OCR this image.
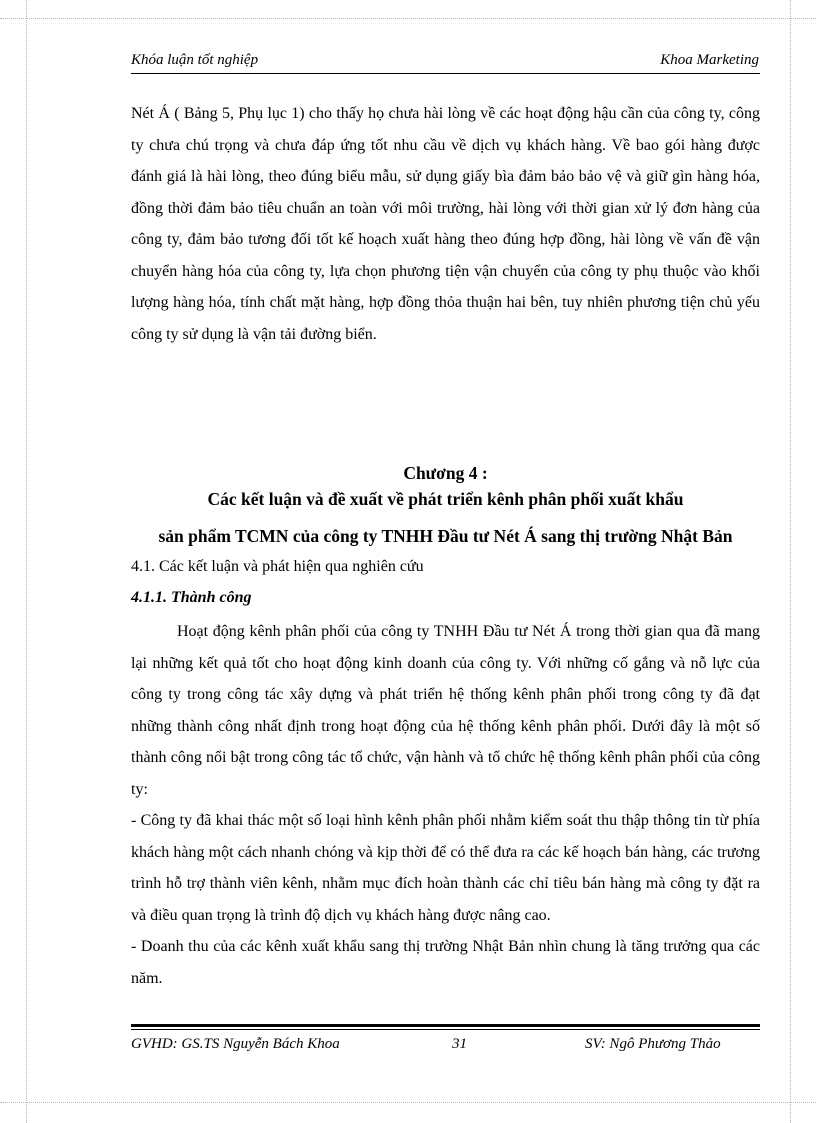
Khóa luận tốt nghiệp	Khoa Marketing

Nét Á ( Bảng 5, Phụ lục 1) cho thấy họ chưa hài lòng về các hoạt động hậu cần của công ty, công ty chưa chú trọng và chưa đáp ứng tốt nhu cầu về dịch vụ khách hàng. Về bao gói hàng được đánh giá là hài lòng, theo đúng biểu mẫu, sử dụng giấy bìa đảm bảo bảo vệ và giữ gìn hàng hóa, đồng thời đảm bảo tiêu chuẩn an toàn với môi trường, hài lòng với thời gian xử lý đơn hàng của công ty, đảm bảo tương đối tốt kế hoạch xuất hàng theo đúng hợp đồng, hài lòng về vấn đề vận chuyển hàng hóa của công ty, lựa chọn phương tiện vận chuyển của công ty phụ thuộc vào khối lượng hàng hóa, tính chất mặt hàng, hợp đồng thỏa thuận hai bên, tuy nhiên phương tiện chủ yếu công ty sử dụng là vận tải đường biển.

Chương 4 :
Các kết luận và đề xuất về phát triển kênh phân phối xuất khẩu
sản phẩm TCMN của công ty TNHH Đầu tư Nét Á sang thị trường Nhật Bản
4.1. Các kết luận và phát hiện qua nghiên cứu
4.1.1. Thành công

Hoạt động kênh phân phối của công ty TNHH Đầu tư Nét Á trong thời gian qua đã mang lại những kết quả tốt cho hoạt động kinh doanh của công ty. Với những cố gắng và nỗ lực của công ty trong công tác xây dựng và phát triển hệ thống kênh phân phối trong công ty đã đạt những thành công nhất định trong hoạt động của hệ thống kênh phân phối. Dưới đây là một số thành công nổi bật trong công tác tổ chức, vận hành và tổ chức hệ thống kênh phân phối của công ty:

- Công ty đã khai thác một số loại hình kênh phân phối nhằm kiểm soát thu thập thông tin từ phía khách hàng một cách nhanh chóng và kịp thời để có thể đưa ra các kế hoạch bán hàng, các trương trình hỗ trợ thành viên kênh, nhằm mục đích hoàn thành các chỉ tiêu bán hàng mà công ty đặt ra và điều quan trọng là trình độ dịch vụ khách hàng được nâng cao.

- Doanh thu của các kênh xuất khẩu sang thị trường Nhật Bản nhìn chung là tăng trưởng qua các năm.

GVHD: GS.TS Nguyễn Bách Khoa	31	SV: Ngô Phương Thảo
